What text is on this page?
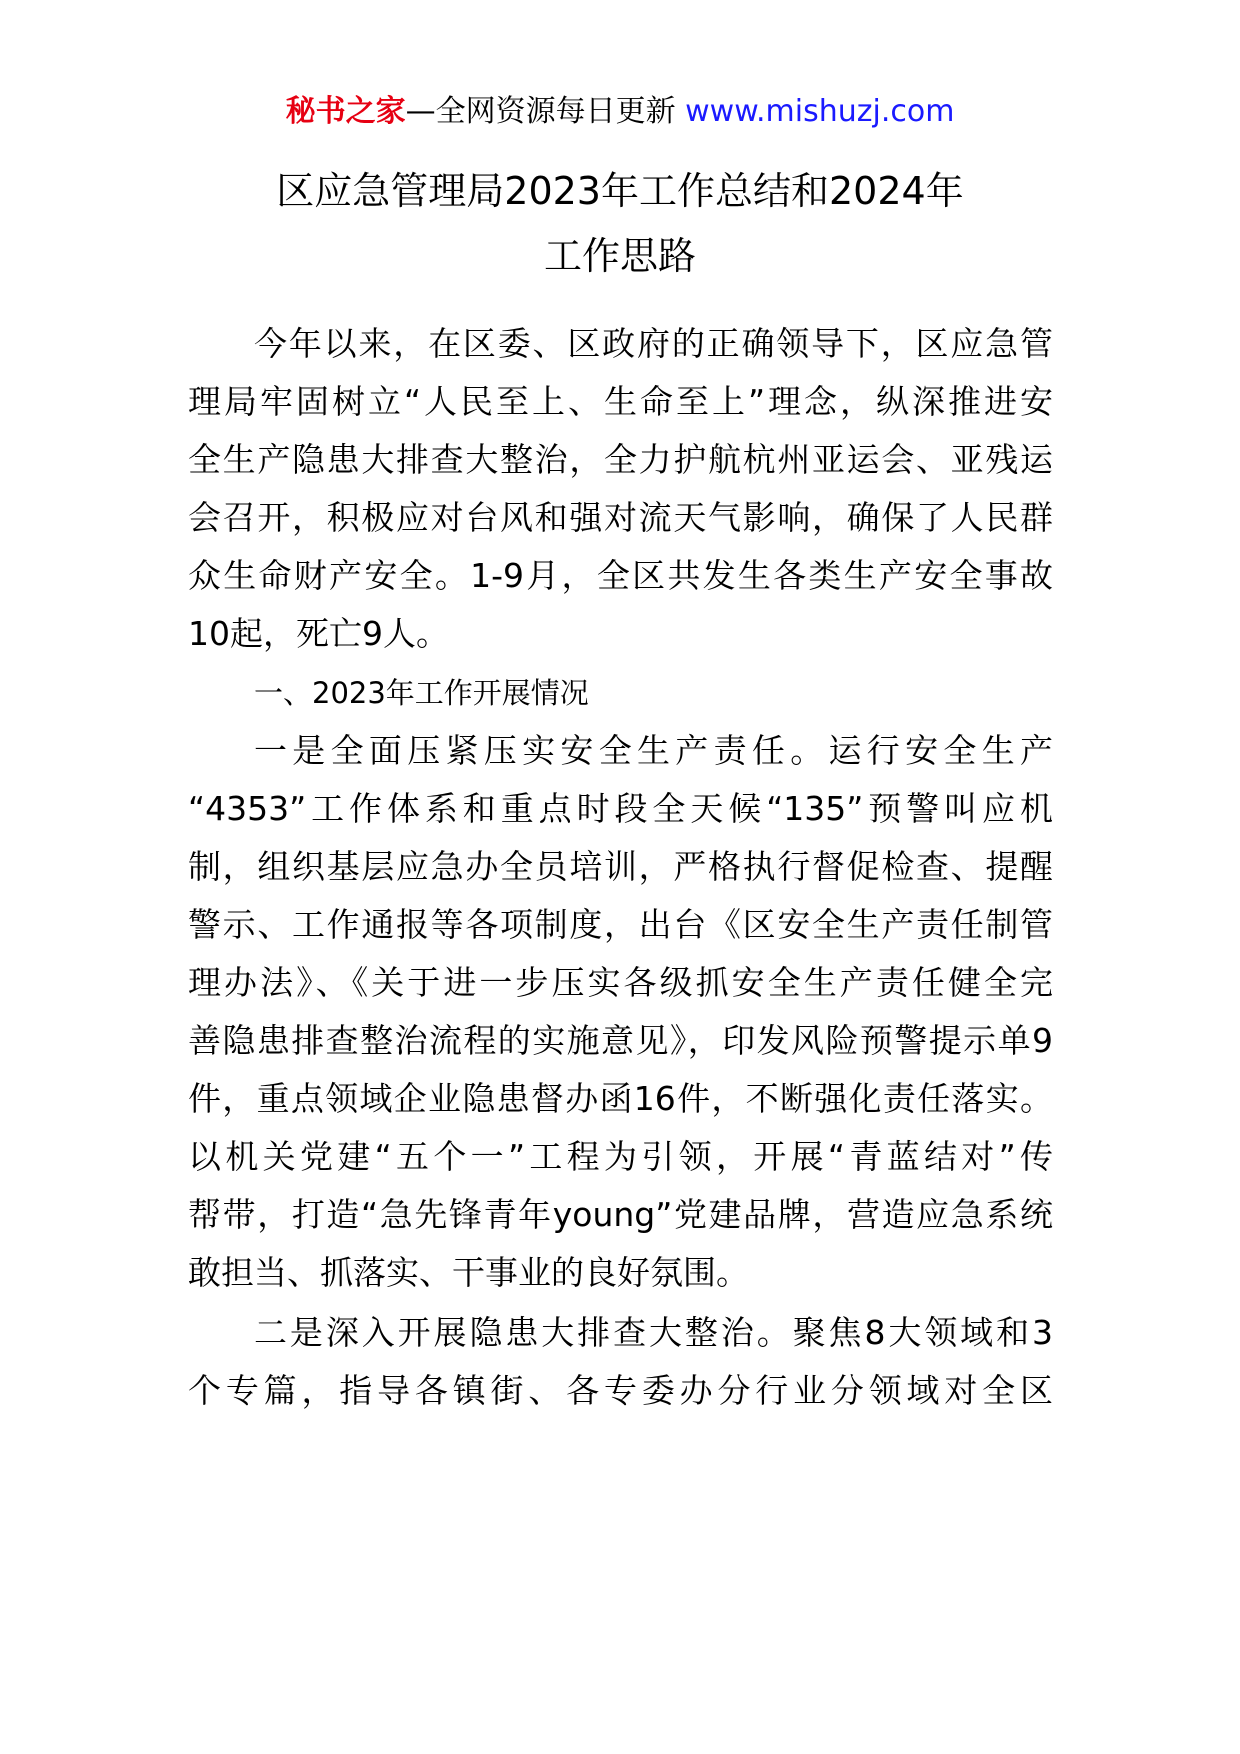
秘书之家—全网资源每日更新 www.mishuzj.com
区应急管理局2023年工作总结和2024年
工作思路
今年以来，在区委、区政府的正确领导下，区应急管
理局牢固树立“人民至上、生命至上”理念，纵深推进安
全生产隐患大排查大整治，全力护航杭州亚运会、亚残运
会召开，积极应对台风和强对流天气影响，确保了人民群
众生命财产安全。1-9月，全区共发生各类生产安全事故
10起，死亡9人。
一、2023年工作开展情况
一是全面压紧压实安全生产责任。运行安全生产
“4353”工作体系和重点时段全天候“135”预警叫应机
制，组织基层应急办全员培训，严格执行督促检查、提醒
警示、工作通报等各项制度，出台《区安全生产责任制管
理办法》、《关于进一步压实各级抓安全生产责任健全完
善隐患排查整治流程的实施意见》，印发风险预警提示单9
件，重点领域企业隐患督办函16件，不断强化责任落实。
以机关党建“五个一”工程为引领，开展“青蓝结对”传
帮带，打造“急先锋青年young”党建品牌，营造应急系统
敢担当、抓落实、干事业的良好氛围。
二是深入开展隐患大排查大整治。聚焦8大领域和3
个专篇，指导各镇街、各专委办分行业分领域对全区
